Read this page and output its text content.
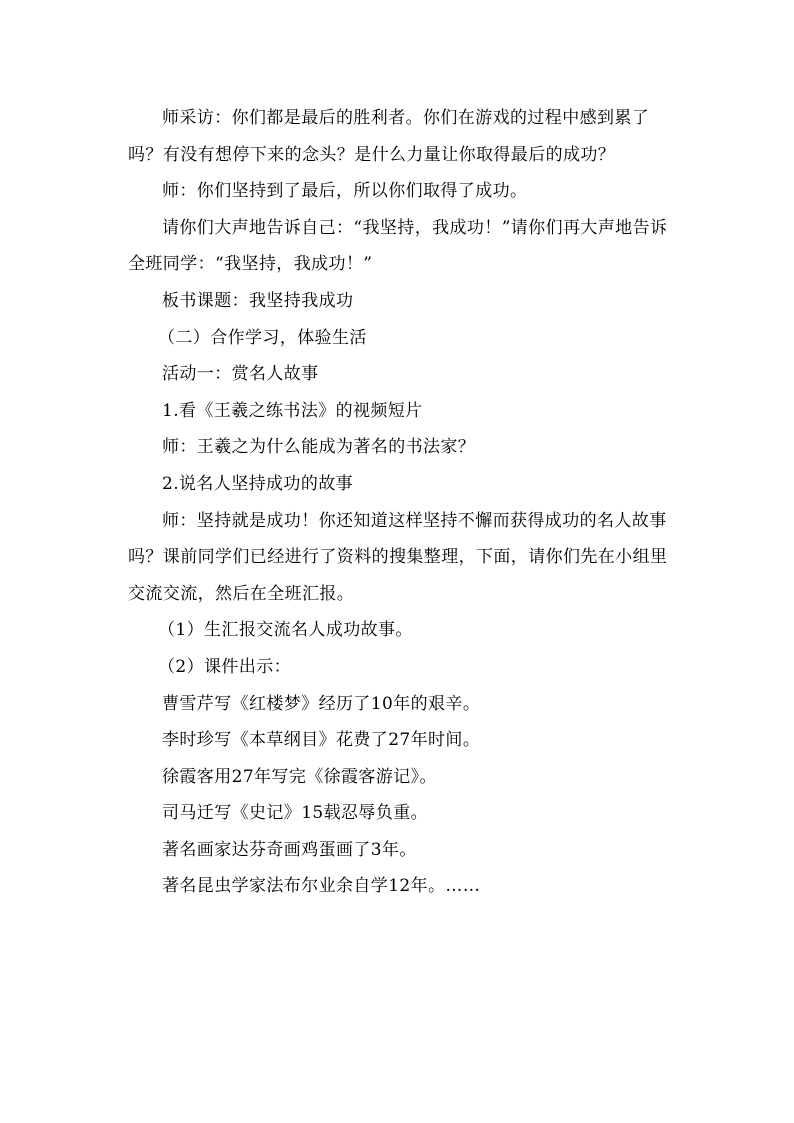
师采访：你们都是最后的胜利者。你们在游戏的过程中感到累了吗？有没有想停下来的念头？是什么力量让你取得最后的成功？

师：你们坚持到了最后，所以你们取得了成功。

请你们大声地告诉自己：“我坚持，我成功！”请你们再大声地告诉全班同学：“我坚持，我成功！”

板书课题：我坚持我成功

（二）合作学习，体验生活

活动一：赏名人故事

1.看《王羲之练书法》的视频短片

师：王羲之为什么能成为著名的书法家？

2.说名人坚持成功的故事

师：坚持就是成功！你还知道这样坚持不懈而获得成功的名人故事吗？课前同学们已经进行了资料的搜集整理，下面，请你们先在小组里交流交流，然后在全班汇报。

（1）生汇报交流名人成功故事。

（2）课件出示：

曹雪芹写《红楼梦》经历了10年的艰辛。

李时珍写《本草纲目》花费了27年时间。

徐霞客用27年写完《徐霞客游记》。

司马迁写《史记》15载忍辱负重。

著名画家达芬奇画鸡蛋画了3年。

著名昆虫学家法布尔业余自学12年。……
